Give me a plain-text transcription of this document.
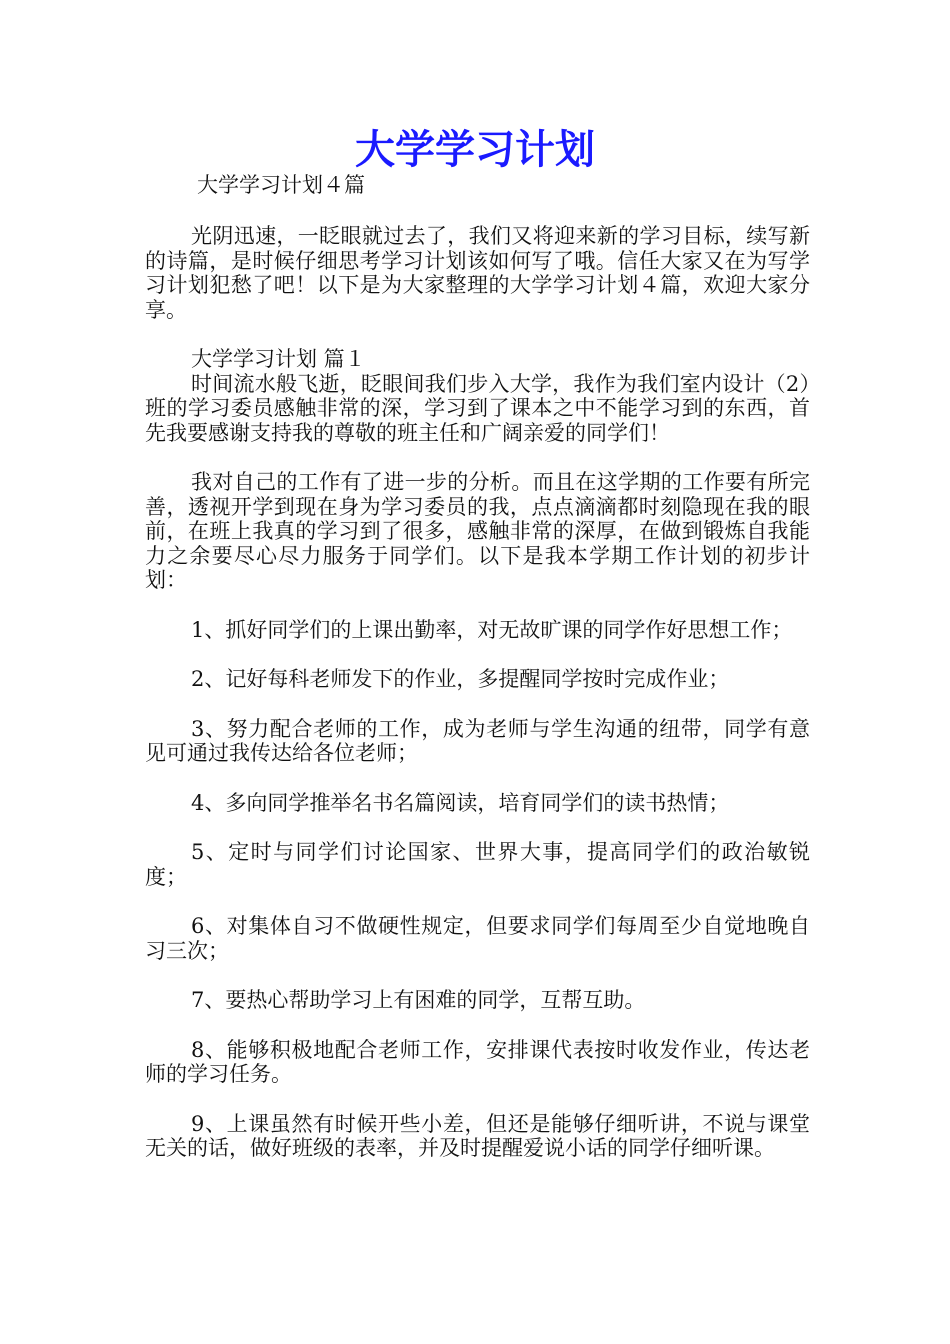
大学学习计划
大学学习计划４篇

光阴迅速，一眨眼就过去了，我们又将迎来新的学习目标，续写新的诗篇，是时候仔细思考学习计划该如何写了哦。信任大家又在为写学习计划犯愁了吧！以下是为大家整理的大学学习计划４篇，欢迎大家分享。

大学学习计划 篇１

时间流水般飞逝，眨眼间我们步入大学，我作为我们室内设计（2）班的学习委员感触非常的深，学习到了课本之中不能学习到的东西，首先我要感谢支持我的尊敬的班主任和广阔亲爱的同学们！

我对自己的工作有了进一步的分析。而且在这学期的工作要有所完善，透视开学到现在身为学习委员的我，点点滴滴都时刻隐现在我的眼前，在班上我真的学习到了很多，感触非常的深厚，在做到锻炼自我能力之余要尽心尽力服务于同学们。以下是我本学期工作计划的初步计划：

1、抓好同学们的上课出勤率，对无故旷课的同学作好思想工作；

2、记好每科老师发下的作业，多提醒同学按时完成作业；

3、努力配合老师的工作，成为老师与学生沟通的纽带，同学有意见可通过我传达给各位老师；

4、多向同学推举名书名篇阅读，培育同学们的读书热情；

5、定时与同学们讨论国家、世界大事，提高同学们的政治敏锐度；

6、对集体自习不做硬性规定，但要求同学们每周至少自觉地晚自习三次；

7、要热心帮助学习上有困难的同学，互帮互助。

8、能够积极地配合老师工作，安排课代表按时收发作业，传达老师的学习任务。

9、上课虽然有时候开些小差，但还是能够仔细听讲，不说与课堂无关的话，做好班级的表率，并及时提醒爱说小话的同学仔细听课。
